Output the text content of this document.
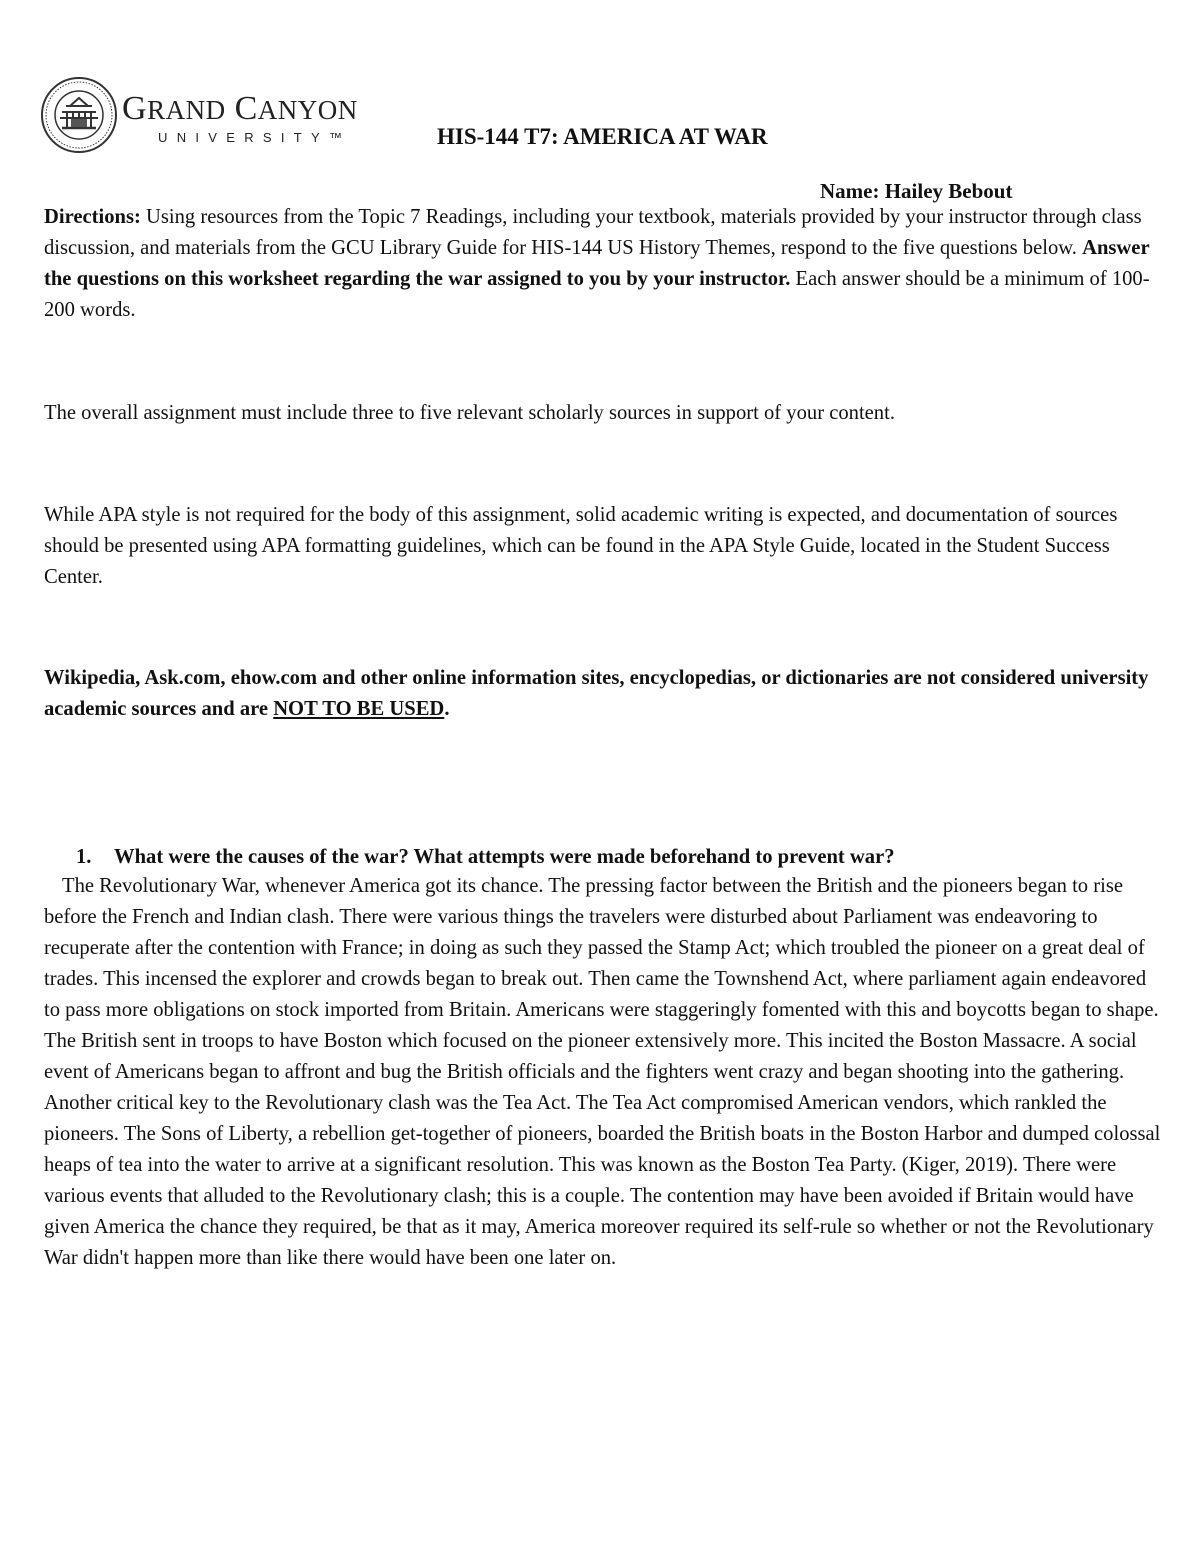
GRAND CANYON
UNIVERSITY™	HIS-144 T7: AMERICA AT WAR
Name: Hailey Bebout

Directions: Using resources from the Topic 7 Readings, including your textbook, materials provided by your instructor through class discussion, and materials from the GCU Library Guide for HIS-144 US History Themes, respond to the five questions below. Answer the questions on this worksheet regarding the war assigned to you by your instructor. Each answer should be a minimum of 100-200 words.

The overall assignment must include three to five relevant scholarly sources in support of your content.

While APA style is not required for the body of this assignment, solid academic writing is expected, and documentation of sources should be presented using APA formatting guidelines, which can be found in the APA Style Guide, located in the Student Success Center.

Wikipedia, Ask.com, ehow.com and other online information sites, encyclopedias, or dictionaries are not considered university academic sources and are NOT TO BE USED.

1. What were the causes of the war? What attempts were made beforehand to prevent war?

The Revolutionary War, whenever America got its chance. The pressing factor between the British and the pioneers began to rise before the French and Indian clash. There were various things the travelers were disturbed about Parliament was endeavoring to recuperate after the contention with France; in doing as such they passed the Stamp Act; which troubled the pioneer on a great deal of trades. This incensed the explorer and crowds began to break out. Then came the Townshend Act, where parliament again endeavored to pass more obligations on stock imported from Britain. Americans were staggeringly fomented with this and boycotts began to shape. The British sent in troops to have Boston which focused on the pioneer extensively more. This incited the Boston Massacre. A social event of Americans began to affront and bug the British officials and the fighters went crazy and began shooting into the gathering. Another critical key to the Revolutionary clash was the Tea Act. The Tea Act compromised American vendors, which rankled the pioneers. The Sons of Liberty, a rebellion get-together of pioneers, boarded the British boats in the Boston Harbor and dumped colossal heaps of tea into the water to arrive at a significant resolution. This was known as the Boston Tea Party. (Kiger, 2019). There were various events that alluded to the Revolutionary clash; this is a couple. The contention may have been avoided if Britain would have given America the chance they required, be that as it may, America moreover required its self-rule so whether or not the Revolutionary War didn't happen more than like there would have been one later on.
